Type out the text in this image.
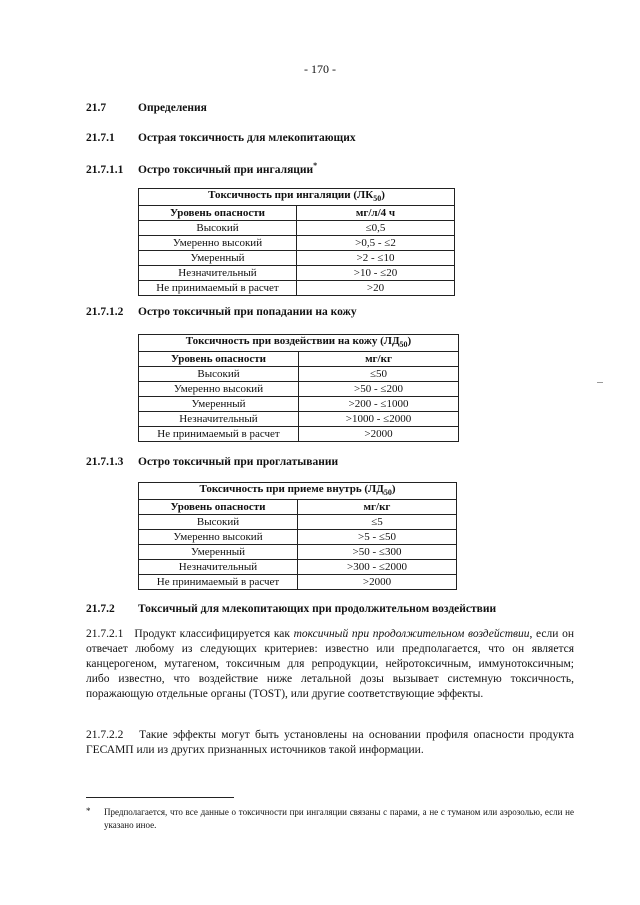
- 170 -
21.7	Определения
21.7.1 Острая токсичность для млекопитающих
21.7.1.1 Остро токсичный при ингаляции*
Токсичность при ингаляции $(ЛК_{50})$	
Уровень опасности	мг/л/4 ч
Высокий	≤0,5
Умеренно высокий	>0,5 - ≤2
Умеренный	>2 - ≤10
Незначительный	>10 - ≤20
Не принимаемый в расчет	>20
21.7.1.2 Остро токсичный при попадании на кожу
Токсичность при воздействии на кожу $(ЛД_{50})$	
Уровень опасности	мг/кг
Высокий	≤50
Умеренно высокий	>50 - ≤200
Умеренный	>200 - ≤1000
Незначительный	>1000 - ≤2000
Не принимаемый в расчет	>2000
21.7.1.3 Остро токсичный при проглатывании
Токсичность при приеме внутрь $(ЛД_{50})$	
Уровень опасности	мг/кг
Высокий	≤5
Умеренно высокий	>5 - ≤50
Умеренный	>50 - ≤300
Незначительный	>300 - ≤2000
Не принимаемый в расчет	>2000
21.7.2 Токсичный для млекопитающих при продолжительном воздействии
21.7.2.1 Продукт классифицируется как токсичный при продолжительном воздействии, если он отвечает любому из следующих критериев: известно или предполагается, что он является канцерогеном, мутагеном, токсичным для репродукции, нейротоксичным, иммунотоксичным; либо известно, что воздействие ниже летальной дозы вызывает системную токсичность, поражающую отдельные органы (TOST), или другие соответствующие эффекты.
21.7.2.2 Такие эффекты могут быть установлены на основании профиля опасности продукта ГЕСАМП или из других признанных источников такой информации.
* Предполагается, что все данные о токсичности при ингаляции связаны с парами, а не с туманом или аэрозолью, если не указано иное.
